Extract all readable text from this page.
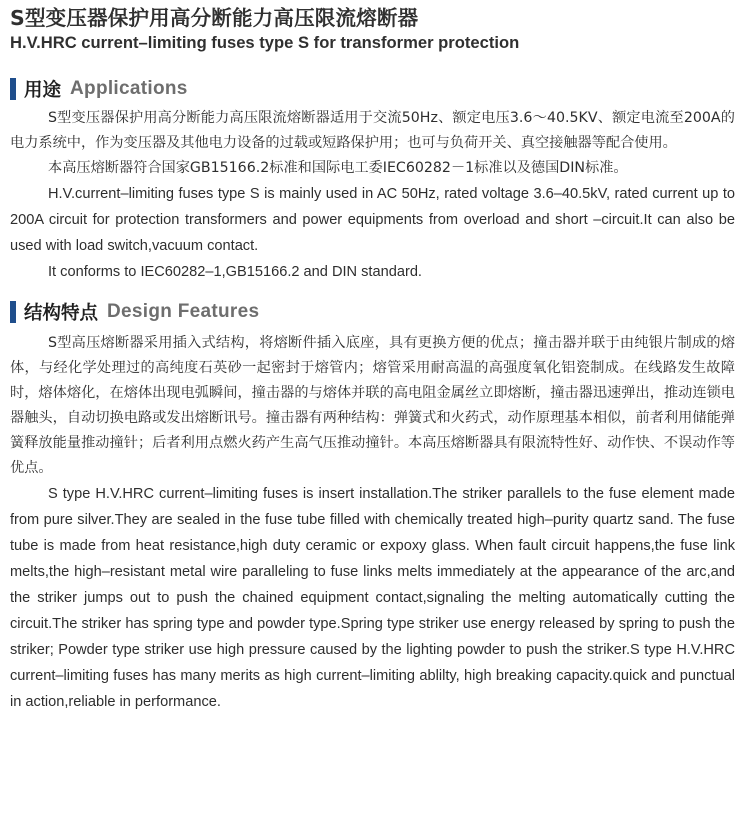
S型变压器保护用高分断能力高压限流熔断器
H.V.HRC current–limiting fuses type S for transformer protection
用途 Applications

S型变压器保护用高分断能力高压限流熔断器适用于交流50Hz、额定电压3.6～40.5KV、额定电流至200A的电力系统中，作为变压器及其他电力设备的过载或短路保护用；也可与负荷开关、真空接触器等配合使用。

本高压熔断器符合国家GB15166.2标准和国际电工委IEC60282－1标准以及德国DIN标准。

H.V.current–limiting fuses type S is mainly used in AC 50Hz, rated voltage 3.6–40.5kV, rated current up to 200A circuit for protection transformers and power equipments from overload and short –circuit.It can also be used with load switch,vacuum contact.

It conforms to IEC60282–1,GB15166.2 and DIN standard.

结构特点 Design Features

S型高压熔断器采用插入式结构，将熔断件插入底座，具有更换方便的优点；撞击器并联于由纯银片制成的熔体，与经化学处理过的高纯度石英砂一起密封于熔管内；熔管采用耐高温的高强度氧化铝瓷制成。在线路发生故障时，熔体熔化，在熔体出现电弧瞬间，撞击器的与熔体并联的高电阻金属丝立即熔断，撞击器迅速弹出，推动连锁电器触头，自动切换电路或发出熔断讯号。撞击器有两种结构：弹簧式和火药式，动作原理基本相似，前者利用储能弹簧释放能量推动撞针；后者利用点燃火药产生高气压推动撞针。本高压熔断器具有限流特性好、动作快、不误动作等优点。

S type H.V.HRC current–limiting fuses is insert installation.The striker parallels to the fuse element made from pure silver.They are sealed in the fuse tube filled with chemically treated high–purity quartz sand. The fuse tube is made from heat resistance,high duty ceramic or expoxy glass. When fault circuit happens,the fuse link melts,the high–resistant metal wire paralleling to fuse links melts immediately at the appearance of the arc,and the striker jumps out to push the chained equipment contact,signaling the melting automatically cutting the circuit.The striker has spring type and powder type.Spring type striker use energy released by spring to push the striker; Powder type striker use high pressure caused by the lighting powder to push the striker.S type H.V.HRC current–limiting fuses has many merits as high current–limiting ablilty, high breaking capacity.quick and punctual in action,reliable in performance.
